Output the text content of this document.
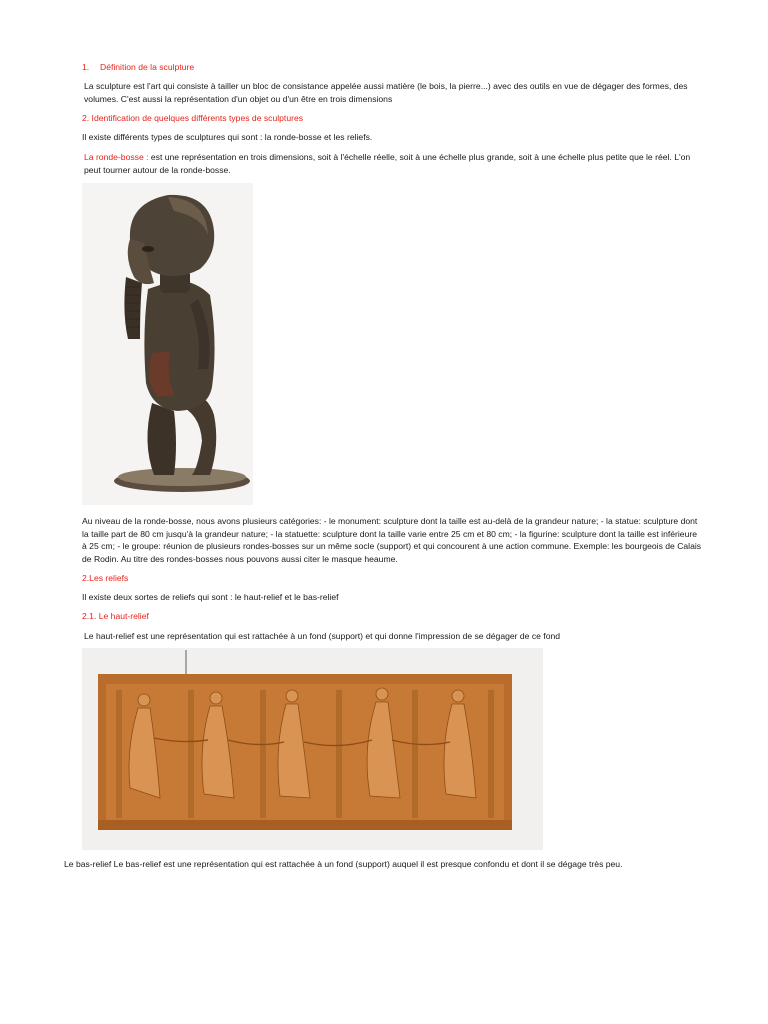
1. Définition de la sculpture

La sculpture est l'art qui consiste à tailler un bloc de consistance appelée aussi matière (le bois, la pierre...) avec des outils en vue de dégager des formes, des volumes. C'est aussi la représentation d'un objet ou d'un être en trois dimensions

2. Identification de quelques différents types de sculptures

Il existe différents types de sculptures qui sont : la ronde-bosse et les reliefs.

La ronde-bosse : est une représentation en trois dimensions, soit à l'échelle réelle, soit à une échelle plus grande, soit à une échelle plus petite que le réel. L'on peut tourner autour de la ronde-bosse.

Au niveau de la ronde-bosse, nous avons plusieurs catégories: - le monument: sculpture dont la taille est au-delà de la grandeur nature; - la statue: sculpture dont la taille part de 80 cm jusqu'à la grandeur nature; - la statuette: sculpture dont la taille varie entre 25 cm et 80 cm; - la figurine: sculpture dont la taille est inférieure à 25 cm; - le groupe: réunion de plusieurs rondes-bosses sur un même socle (support) et qui concourent à une action commune. Exemple: les bourgeois de Calais de Rodin. Au titre des rondes-bosses nous pouvons aussi citer le masque heaume.

2.Les reliefs

Il existe deux sortes de reliefs qui sont : le haut-relief et le bas-relief

2.1. Le haut-relief

Le haut-relief est une représentation qui est rattachée à un fond (support) et qui donne l'impression de se dégager de ce fond

Le bas-relief Le bas-relief est une représentation qui est rattachée à un fond (support) auquel il est presque confondu et dont il se dégage très peu.
